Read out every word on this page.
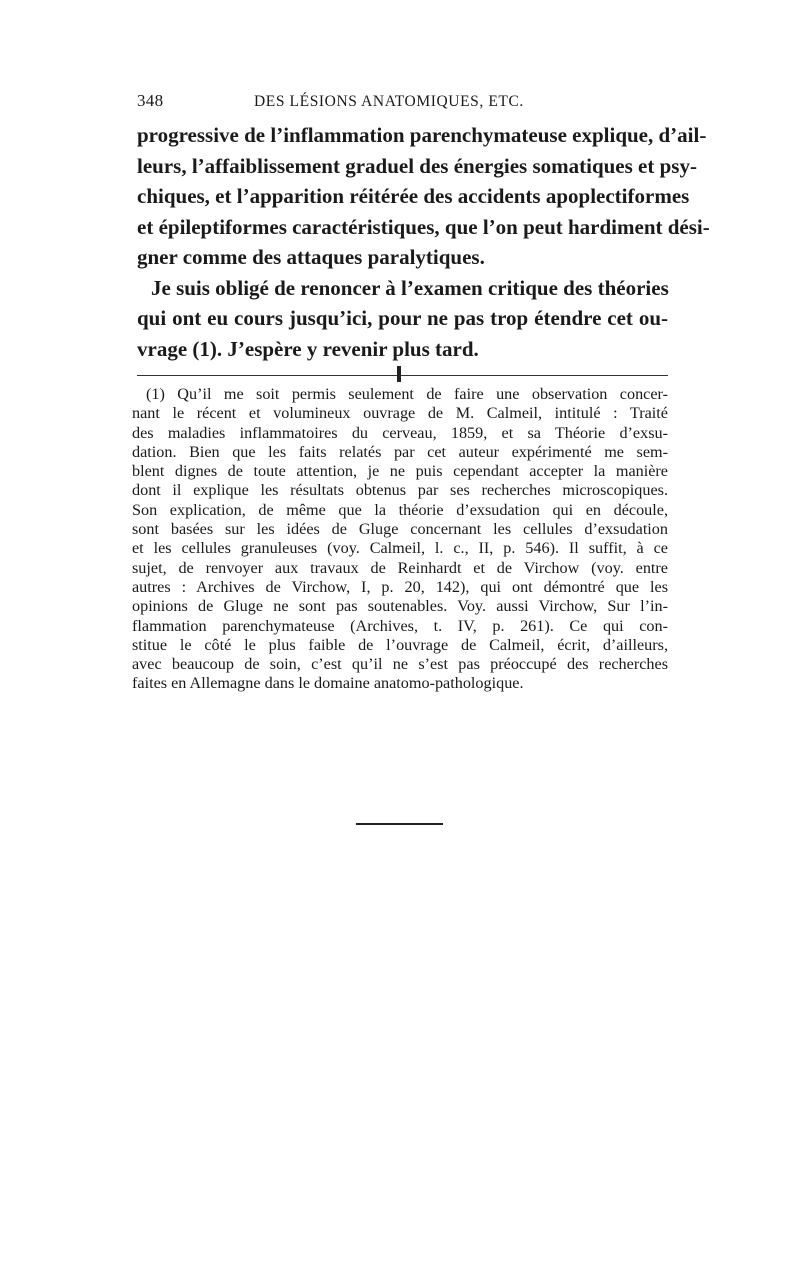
348	DES LÉSIONS ANATOMIQUES, ETC.

progressive de l’inflammation parenchymateuse explique, d’ail-
leurs, l’affaiblissement graduel des énergies somatiques et psy-
chiques, et l’apparition réitérée des accidents apoplectiformes
et épileptiformes caractéristiques, que l’on peut hardiment dési-
gner comme des attaques paralytiques.

Je suis obligé de renoncer à l’examen critique des théories
qui ont eu cours jusqu’ici, pour ne pas trop étendre cet ou-
vrage (1). J’espère y revenir plus tard.

(1) Qu’il me soit permis seulement de faire une observation concer-
nant le récent et volumineux ouvrage de M. Calmeil, intitulé : Traité
des maladies inflammatoires du cerveau, 1859, et sa Théorie d’exsu-
dation. Bien que les faits relatés par cet auteur expérimenté me sem-
blent dignes de toute attention, je ne puis cependant accepter la manière
dont il explique les résultats obtenus par ses recherches microscopiques.
Son explication, de même que la théorie d’exsudation qui en découle,
sont basées sur les idées de Gluge concernant les cellules d’exsudation
et les cellules granuleuses (voy. Calmeil, l. c., II, p. 546). Il suffit, à ce
sujet, de renvoyer aux travaux de Reinhardt et de Virchow (voy. entre
autres : Archives de Virchow, I, p. 20, 142), qui ont démontré que les
opinions de Gluge ne sont pas soutenables. Voy. aussi Virchow, Sur l’in-
flammation parenchymateuse (Archives, t. IV, p. 261). Ce qui con-
stitue le côté le plus faible de l’ouvrage de Calmeil, écrit, d’ailleurs,
avec beaucoup de soin, c’est qu’il ne s’est pas préoccupé des recherches
faites en Allemagne dans le domaine anatomo-pathologique.
